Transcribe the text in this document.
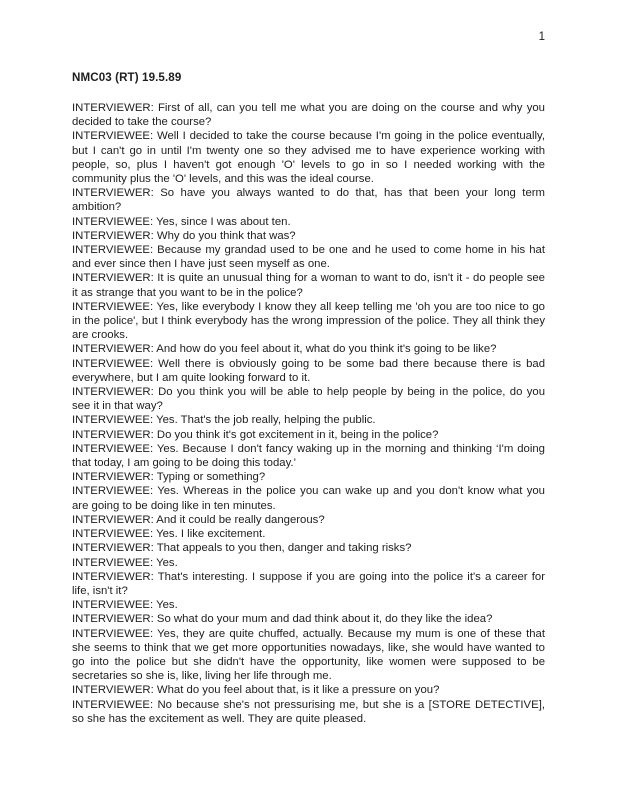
1
NMC03 (RT) 19.5.89

INTERVIEWER: First of all, can you tell me what you are doing on the course and why you decided to take the course?

INTERVIEWEE: Well I decided to take the course because I'm going in the police eventually, but I can't go in until I'm twenty one so they advised me to have experience working with people, so, plus I haven't got enough 'O' levels to go in so I needed working with the community plus the 'O' levels, and this was the ideal course.

INTERVIEWER: So have you always wanted to do that, has that been your long term ambition?

INTERVIEWEE: Yes, since I was about ten.

INTERVIEWER: Why do you think that was?

INTERVIEWEE: Because my grandad used to be one and he used to come home in his hat and ever since then I have just seen myself as one.

INTERVIEWER: It is quite an unusual thing for a woman to want to do, isn't it - do people see it as strange that you want to be in the police?

INTERVIEWEE: Yes, like everybody I know they all keep telling me 'oh you are too nice to go in the police', but I think everybody has the wrong impression of the police. They all think they are crooks.

INTERVIEWER: And how do you feel about it, what do you think it's going to be like?

INTERVIEWEE: Well there is obviously going to be some bad there because there is bad everywhere, but I am quite looking forward to it.

INTERVIEWER: Do you think you will be able to help people by being in the police, do you see it in that way?

INTERVIEWEE: Yes. That's the job really, helping the public.

INTERVIEWER: Do you think it's got excitement in it, being in the police?

INTERVIEWEE: Yes. Because I don't fancy waking up in the morning and thinking ‘I'm doing that today, I am going to be doing this today.’

INTERVIEWER: Typing or something?

INTERVIEWEE: Yes. Whereas in the police you can wake up and you don't know what you are going to be doing like in ten minutes.

INTERVIEWER: And it could be really dangerous?

INTERVIEWEE: Yes. I like excitement.

INTERVIEWER: That appeals to you then, danger and taking risks?

INTERVIEWEE: Yes.

INTERVIEWER: That's interesting. I suppose if you are going into the police it's a career for life, isn't it?

INTERVIEWEE: Yes.

INTERVIEWER: So what do your mum and dad think about it, do they like the idea?

INTERVIEWEE: Yes, they are quite chuffed, actually. Because my mum is one of these that she seems to think that we get more opportunities nowadays, like, she would have wanted to go into the police but she didn't have the opportunity, like women were supposed to be secretaries so she is, like, living her life through me.

INTERVIEWER: What do you feel about that, is it like a pressure on you?

INTERVIEWEE: No because she's not pressurising me, but she is a [STORE DETECTIVE], so she has the excitement as well. They are quite pleased.
